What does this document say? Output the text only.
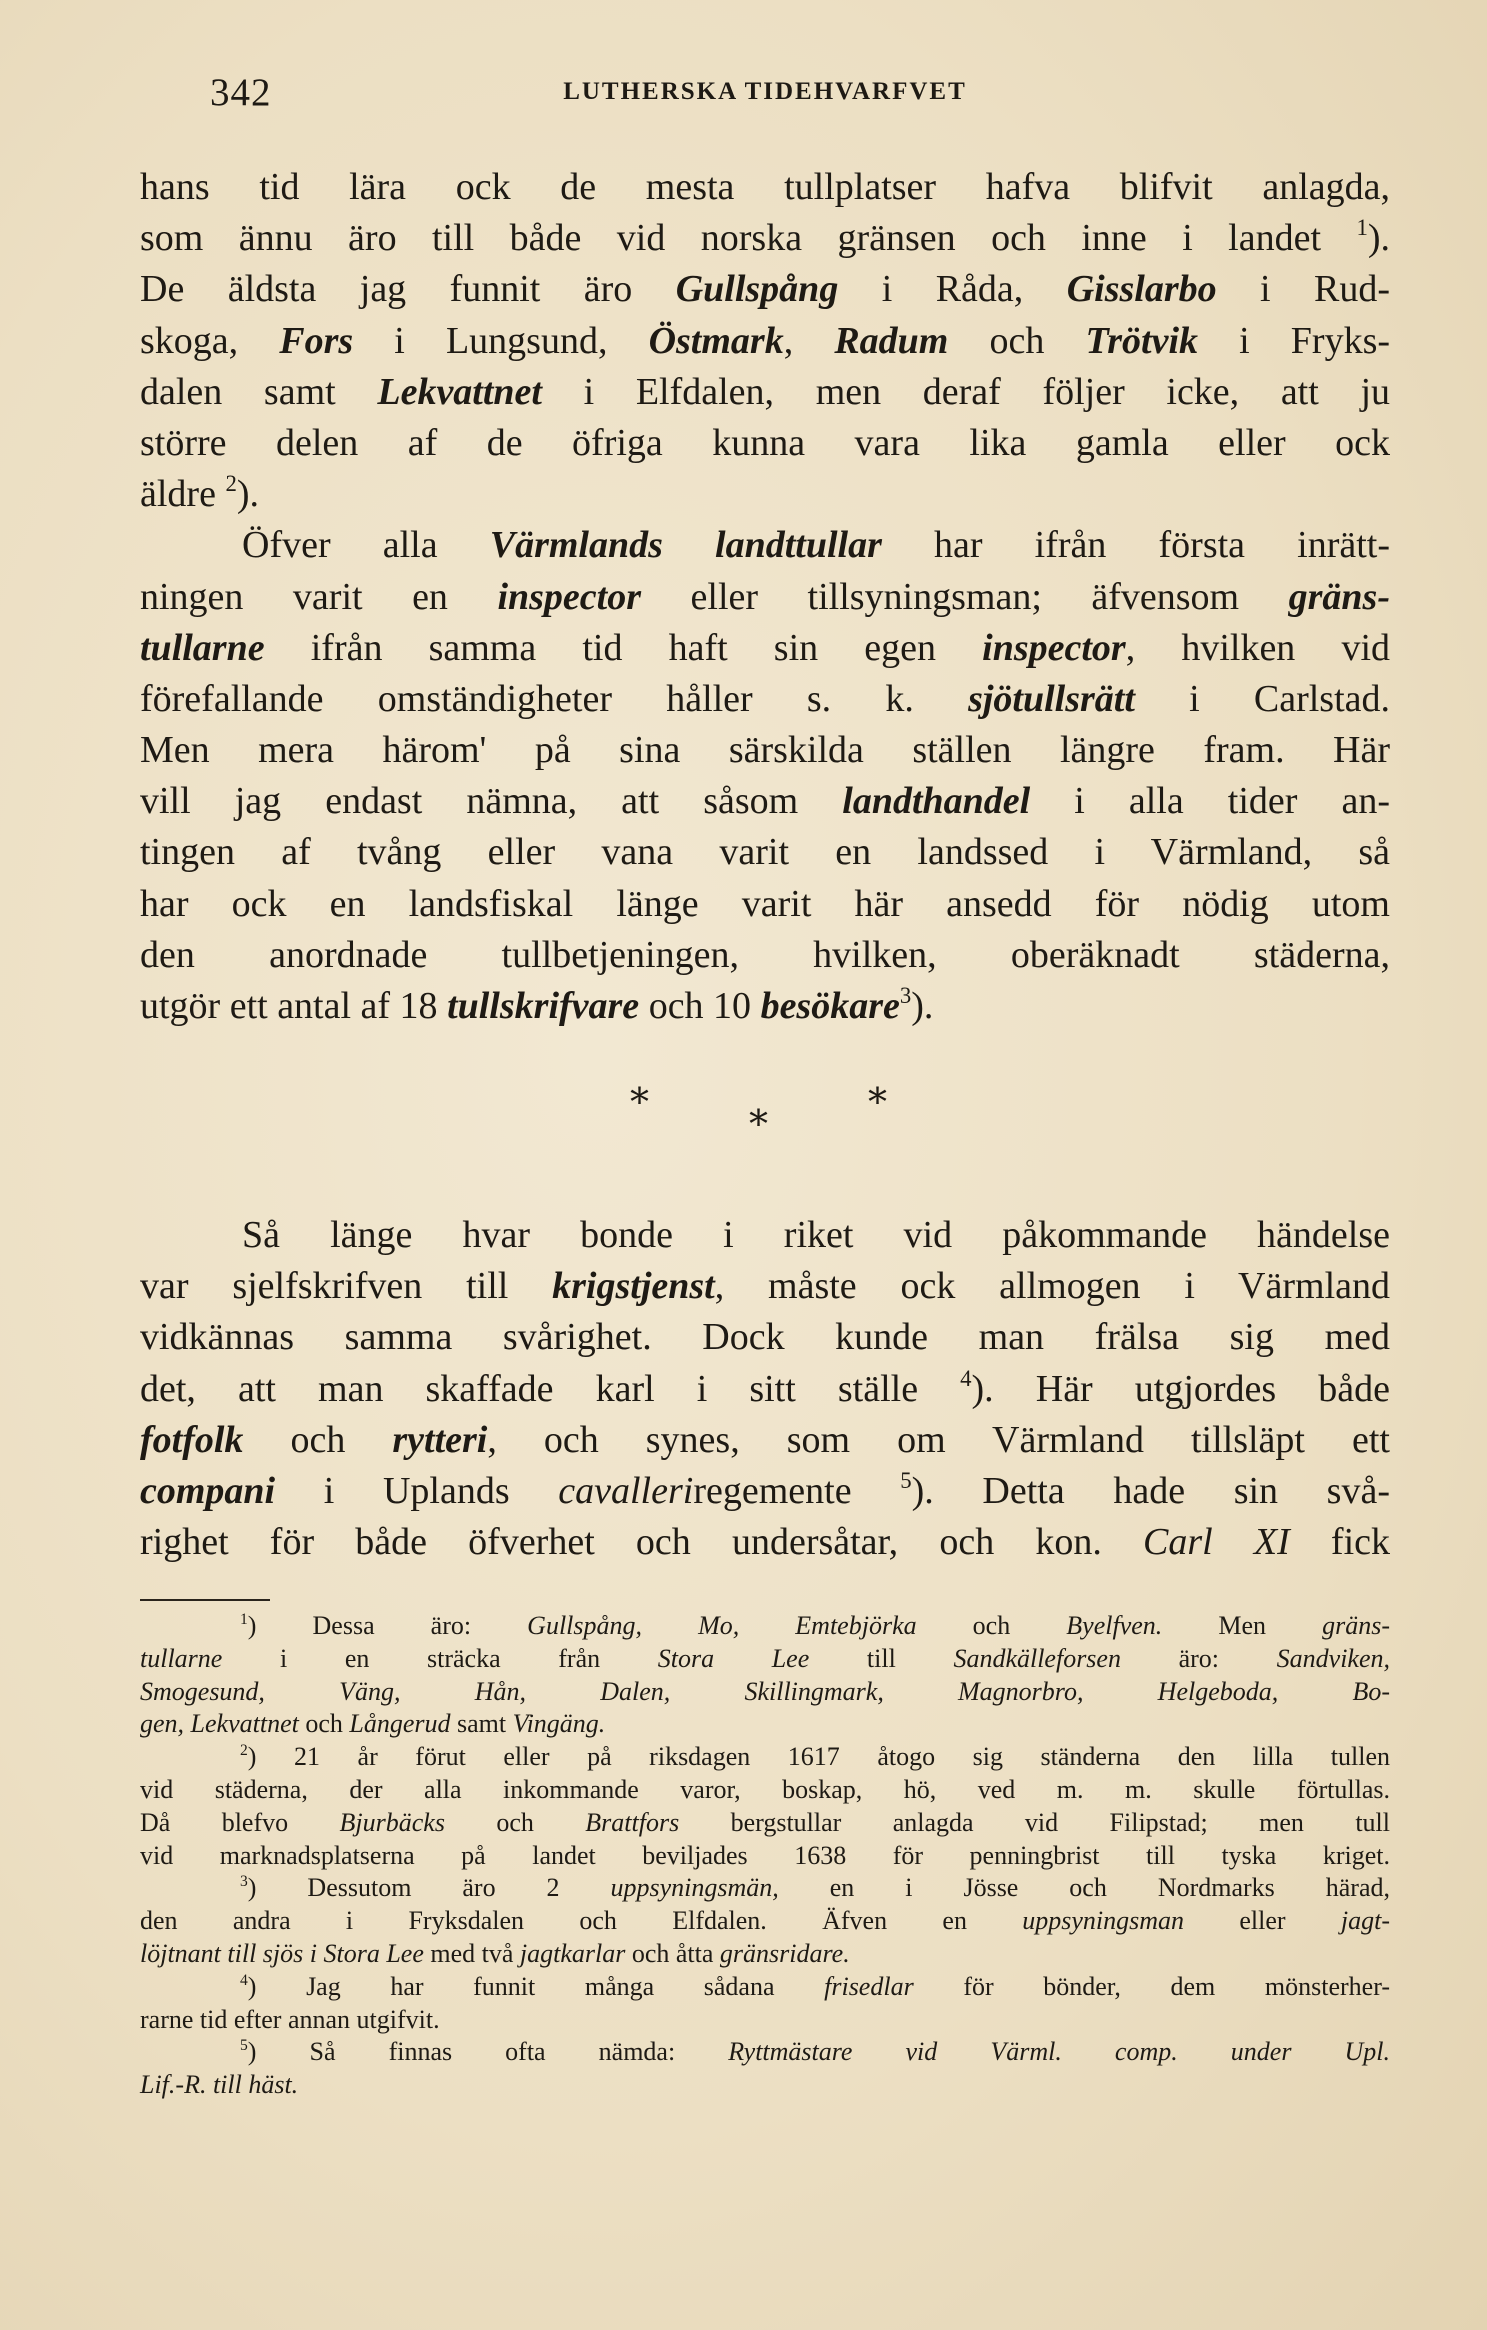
342	LUTHERSKA TIDEHVARFVET
hans tid lära ock de mesta tullplatser hafva blifvit anlagda,
som ännu äro till både vid norska gränsen och inne i landet $^1$).
De äldsta jag funnit äro Gullspång i Råda, Gisslarbo i Rud-
skoga, Fors i Lungsund, Östmark, Radum och Trötvik i Fryks-
dalen samt Lekvattnet i Elfdalen, men deraf följer icke, att ju
större delen af de öfriga kunna vara lika gamla eller ock
äldre $^2$).
Öfver alla Värmlands landttullar har ifrån första inrätt-
ningen varit en inspector eller tillsyningsman; äfvensom gräns-
tullarne ifrån samma tid haft sin egen inspector, hvilken vid
förefallande omständigheter håller s. k. sjötullsrätt i Carlstad.
Men mera härom' på sina särskilda ställen längre fram. Här
vill jag endast nämna, att såsom landthandel i alla tider an-
tingen af tvång eller vana varit en landssed i Värmland, så
har ock en landsfiskal länge varit här ansedd för nödig utom
den anordnade tullbetjeningen, hvilken, oberäknadt städerna,
utgör ett antal af 18 tullskrifvare och 10 besökare$^3$).
*	*
*
Så länge hvar bonde i riket vid påkommande händelse
var sjelfskrifven till krigstjenst, måste ock allmogen i Värmland
vidkännas samma svårighet. Dock kunde man frälsa sig med
det, att man skaffade karl i sitt ställe $^4$). Här utgjordes både
fotfolk och rytteri, och synes, som om Värmland tillsläpt ett
compani i Uplands cavalleriregemente $^5$). Detta hade sin svå-
righet för både öfverhet och undersåtar, och kon. Carl XI fick
$^1$) Dessa äro: Gullspång, Mo, Emtebjörka och Byelfven. Men gräns-
tullarne i en sträcka från Stora Lee till Sandkälleforsen äro: Sandviken,
Smogesund, Väng, Hån, Dalen, Skillingmark, Magnorbro, Helgeboda, Bo-
gen, Lekvattnet och Långerud samt Vingäng.
$^2$) 21 år förut eller på riksdagen 1617 åtogo sig ständerna den lilla tullen
vid städerna, der alla inkommande varor, boskap, hö, ved m. m. skulle förtullas.
Då blefvo Bjurbäcks och Brattfors bergstullar anlagda vid Filipstad; men tull
vid marknadsplatserna på landet beviljades 1638 för penningbrist till tyska kriget.
$^3$) Dessutom äro 2 uppsyningsmän, en i Jösse och Nordmarks härad,
den andra i Fryksdalen och Elfdalen. Äfven en uppsyningsman eller jagt-
löjtnant till sjös i Stora Lee med två jagtkarlar och åtta gränsridare.
$^4$) Jag har funnit många sådana frisedlar för bönder, dem mönsterher-
rarne tid efter annan utgifvit.
$^5$) Så finnas ofta nämda: Ryttmästare vid Värml. comp. under Upl.
Lif.-R. till häst.
